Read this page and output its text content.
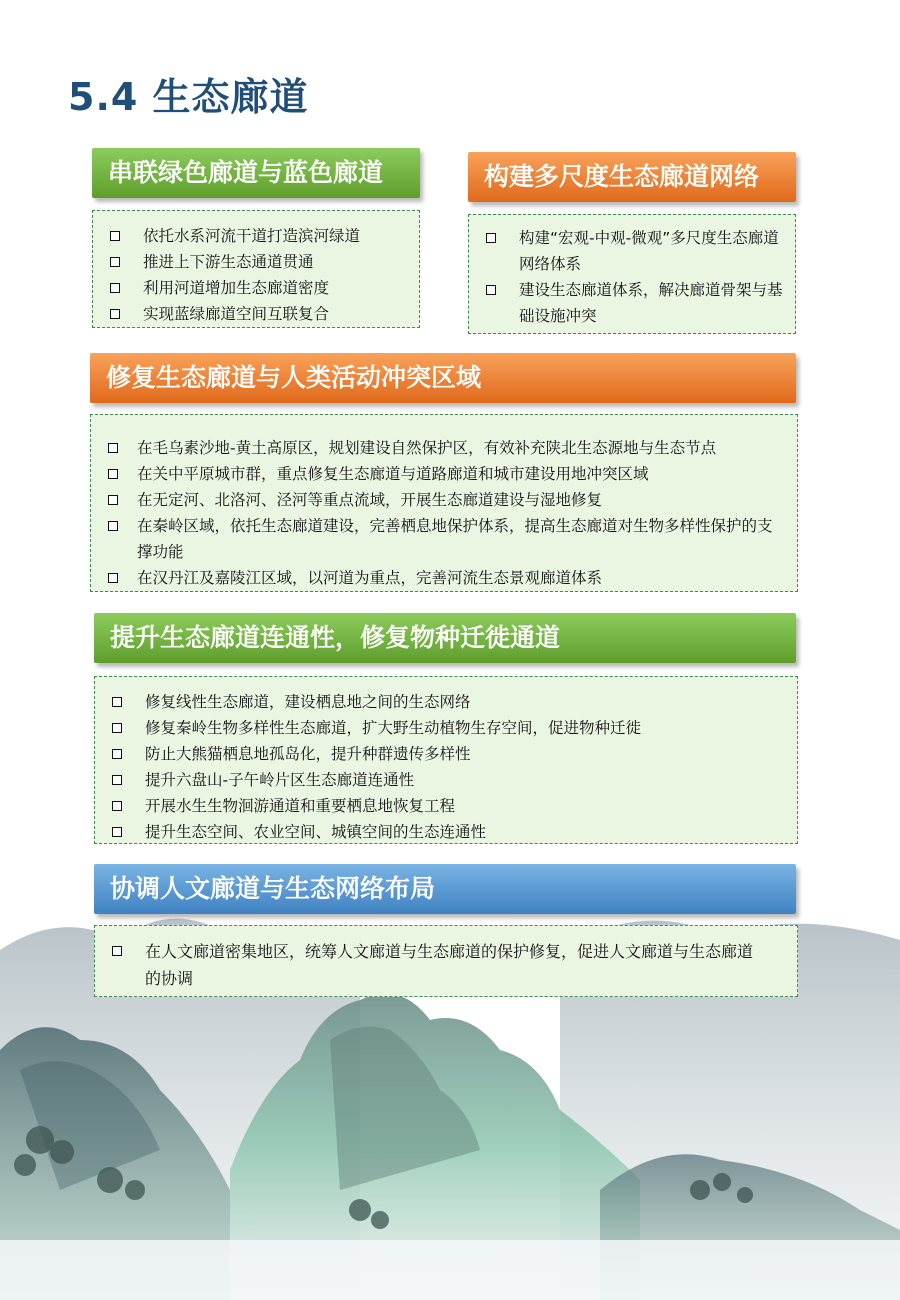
5.4 生态廊道
串联绿色廊道与蓝色廊道
依托水系河流干道打造滨河绿道
推进上下游生态通道贯通
利用河道增加生态廊道密度
实现蓝绿廊道空间互联复合
构建多尺度生态廊道网络
构建“宏观-中观-微观”多尺度生态廊道网络体系
建设生态廊道体系，解决廊道骨架与基础设施冲突
修复生态廊道与人类活动冲突区域
在毛乌素沙地-黄土高原区，规划建设自然保护区，有效补充陕北生态源地与生态节点
在关中平原城市群，重点修复生态廊道与道路廊道和城市建设用地冲突区域
在无定河、北洛河、泾河等重点流域，开展生态廊道建设与湿地修复
在秦岭区域，依托生态廊道建设，完善栖息地保护体系，提高生态廊道对生物多样性保护的支撑功能
在汉丹江及嘉陵江区域，以河道为重点，完善河流生态景观廊道体系
提升生态廊道连通性，修复物种迁徙通道
修复线性生态廊道，建设栖息地之间的生态网络
修复秦岭生物多样性生态廊道，扩大野生动植物生存空间，促进物种迁徙
防止大熊猫栖息地孤岛化，提升种群遗传多样性
提升六盘山-子午岭片区生态廊道连通性
开展水生生物洄游通道和重要栖息地恢复工程
提升生态空间、农业空间、城镇空间的生态连通性
协调人文廊道与生态网络布局
在人文廊道密集地区，统筹人文廊道与生态廊道的保护修复，促进人文廊道与生态廊道的协调
